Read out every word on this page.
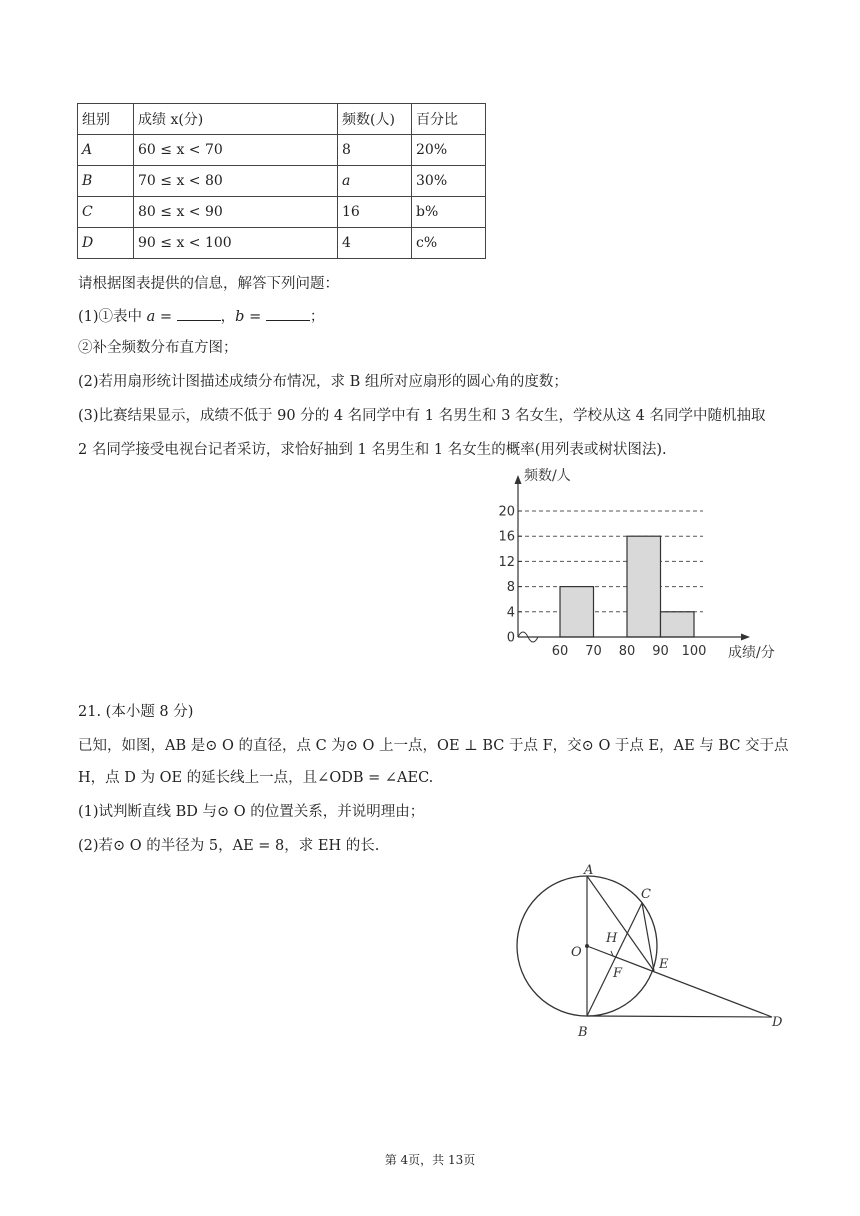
组别	成绩 x(分)	频数(人)	百分比
A	60 ≤ x < 70	8	20%
B	70 ≤ x < 80	a	30%
C	80 ≤ x < 90	16	b%
D	90 ≤ x < 100	4	c%
请根据图表提供的信息，解答下列问题：
(1)①表中 a =	，b =	；
②补全频数分布直方图；
(2)若用扇形统计图描述成绩分布情况，求 B 组所对应扇形的圆心角的度数；
(3)比赛结果显示，成绩不低于 90 分的 4 名同学中有 1 名男生和 3 名女生，学校从这 4 名同学中随机抽取
2 名同学接受电视台记者采访，求恰好抽到 1 名男生和 1 名女生的概率(用列表或树状图法).
0
4
8
12
16
20
60 70 80 90 100
频数/人
成绩/分
21. (本小题 8 分)
已知，如图，AB 是⊙ O 的直径，点 C 为⊙ O 上一点，OE ⊥ BC 于点 F，交⊙ O 于点 E，AE 与 BC 交于点
H，点 D 为 OE 的延长线上一点，且∠ODB = ∠AEC.
(1)试判断直线 BD 与⊙ O 的位置关系，并说明理由；
(2)若⊙ O 的半径为 5，AE = 8，求 EH 的长.
A
B
C
D
E
F
H
O
第 4页，共 13页
